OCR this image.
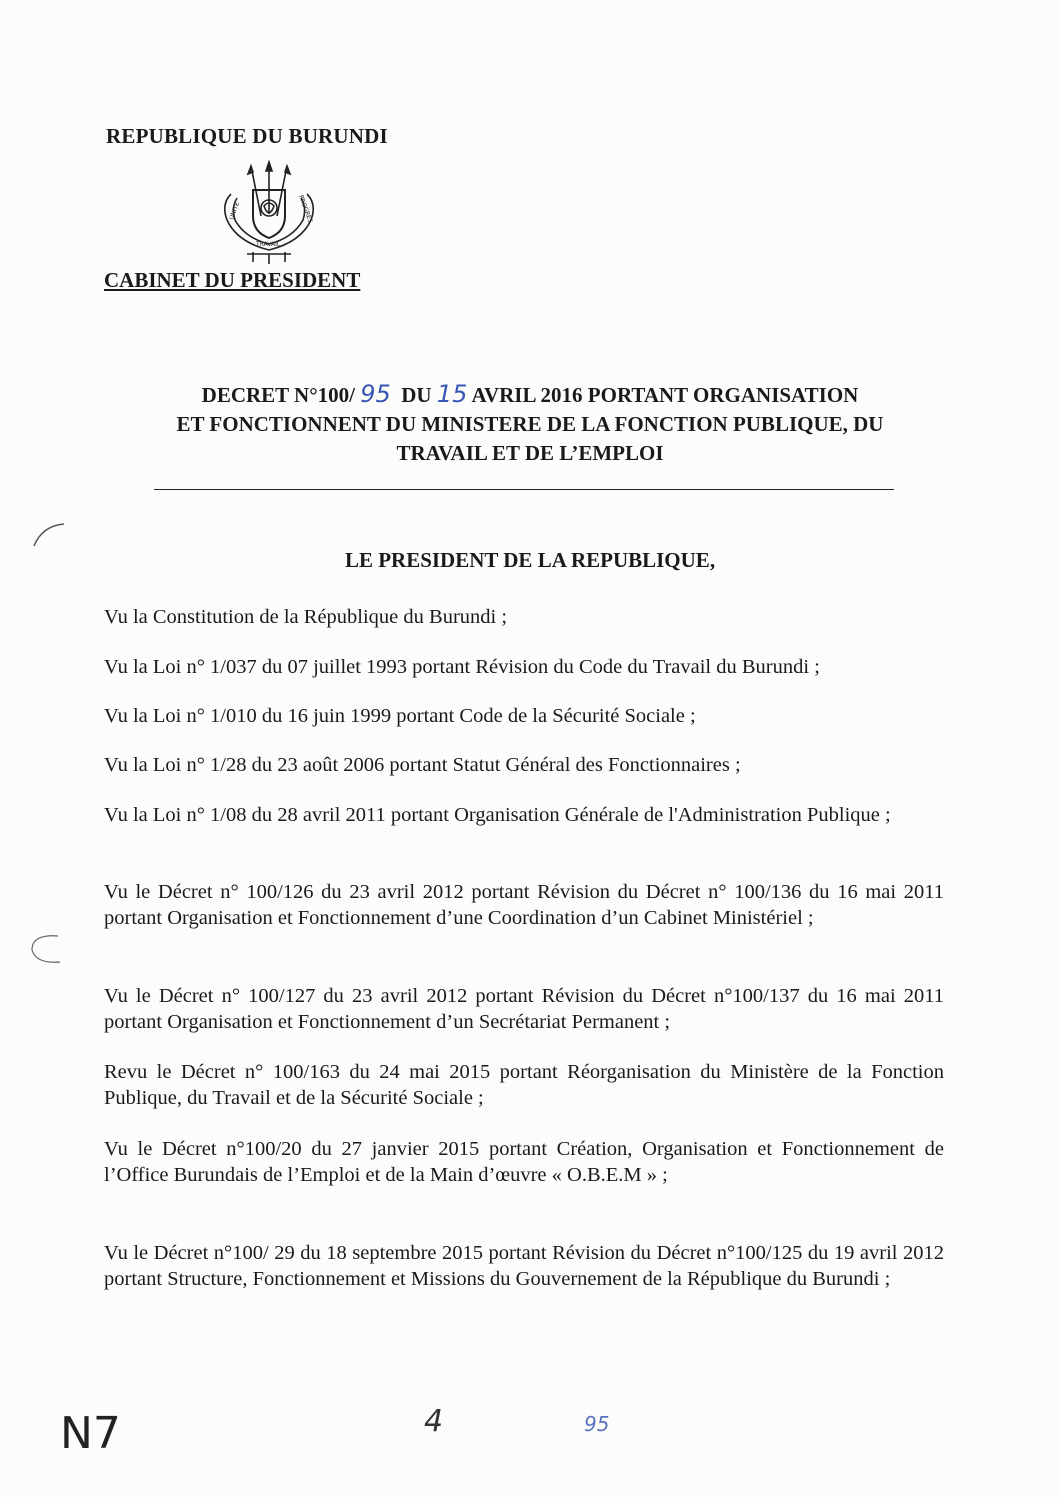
REPUBLIQUE DU BURUNDI
UNITE
TRAVAIL
PROGRES
CABINET DU PRESIDENT
DECRET N°100/ 95 DU 15 AVRIL 2016 PORTANT ORGANISATION
ET FONCTIONNENT DU MINISTERE DE LA FONCTION PUBLIQUE, DU
TRAVAIL ET DE L’EMPLOI
LE PRESIDENT DE LA REPUBLIQUE,
Vu la Constitution de la République du Burundi ;
Vu la Loi n° 1/037 du 07 juillet 1993 portant Révision du Code du Travail du Burundi ;
Vu la Loi n° 1/010 du 16 juin 1999 portant Code de la Sécurité Sociale ;
Vu la Loi n° 1/28 du 23 août 2006 portant Statut Général des Fonctionnaires ;
Vu la Loi n° 1/08 du 28 avril 2011 portant Organisation Générale de l'Administration Publique ;
Vu le Décret n° 100/126 du 23 avril 2012 portant Révision du Décret n° 100/136 du 16 mai 2011 portant Organisation et Fonctionnement d’une Coordination d’un Cabinet Ministériel ;
Vu le Décret n° 100/127 du 23 avril 2012 portant Révision du Décret n°100/137 du 16 mai 2011 portant Organisation et Fonctionnement d’un Secrétariat Permanent ;
Revu le Décret n° 100/163 du 24 mai 2015 portant Réorganisation du Ministère de la Fonction Publique, du Travail et de la Sécurité Sociale ;
Vu le Décret n°100/20 du 27 janvier 2015 portant Création, Organisation et Fonctionnement de l’Office Burundais de l’Emploi et de la Main d’œuvre « O.B.E.M » ;
Vu le Décret n°100/ 29 du 18 septembre 2015 portant Révision du Décret n°100/125 du 19 avril 2012 portant Structure, Fonctionnement et Missions du Gouvernement de la République du Burundi ;
N7	4	95
